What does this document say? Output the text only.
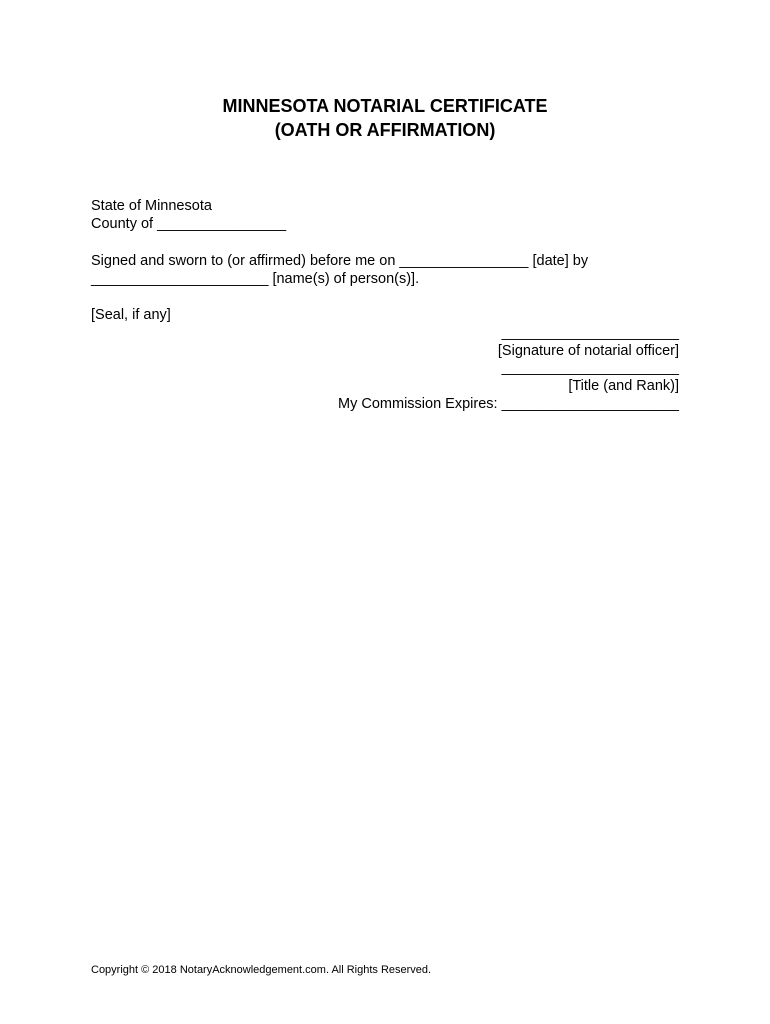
MINNESOTA NOTARIAL CERTIFICATE
(OATH OR AFFIRMATION)
State of Minnesota
County of ________________
Signed and sworn to (or affirmed) before me on ________________ [date] by
______________________ [name(s) of person(s)].
[Seal, if any]
______________________
[Signature of notarial officer]
______________________
[Title (and Rank)]
My Commission Expires: ______________________
Copyright © 2018 NotaryAcknowledgement.com. All Rights Reserved.
